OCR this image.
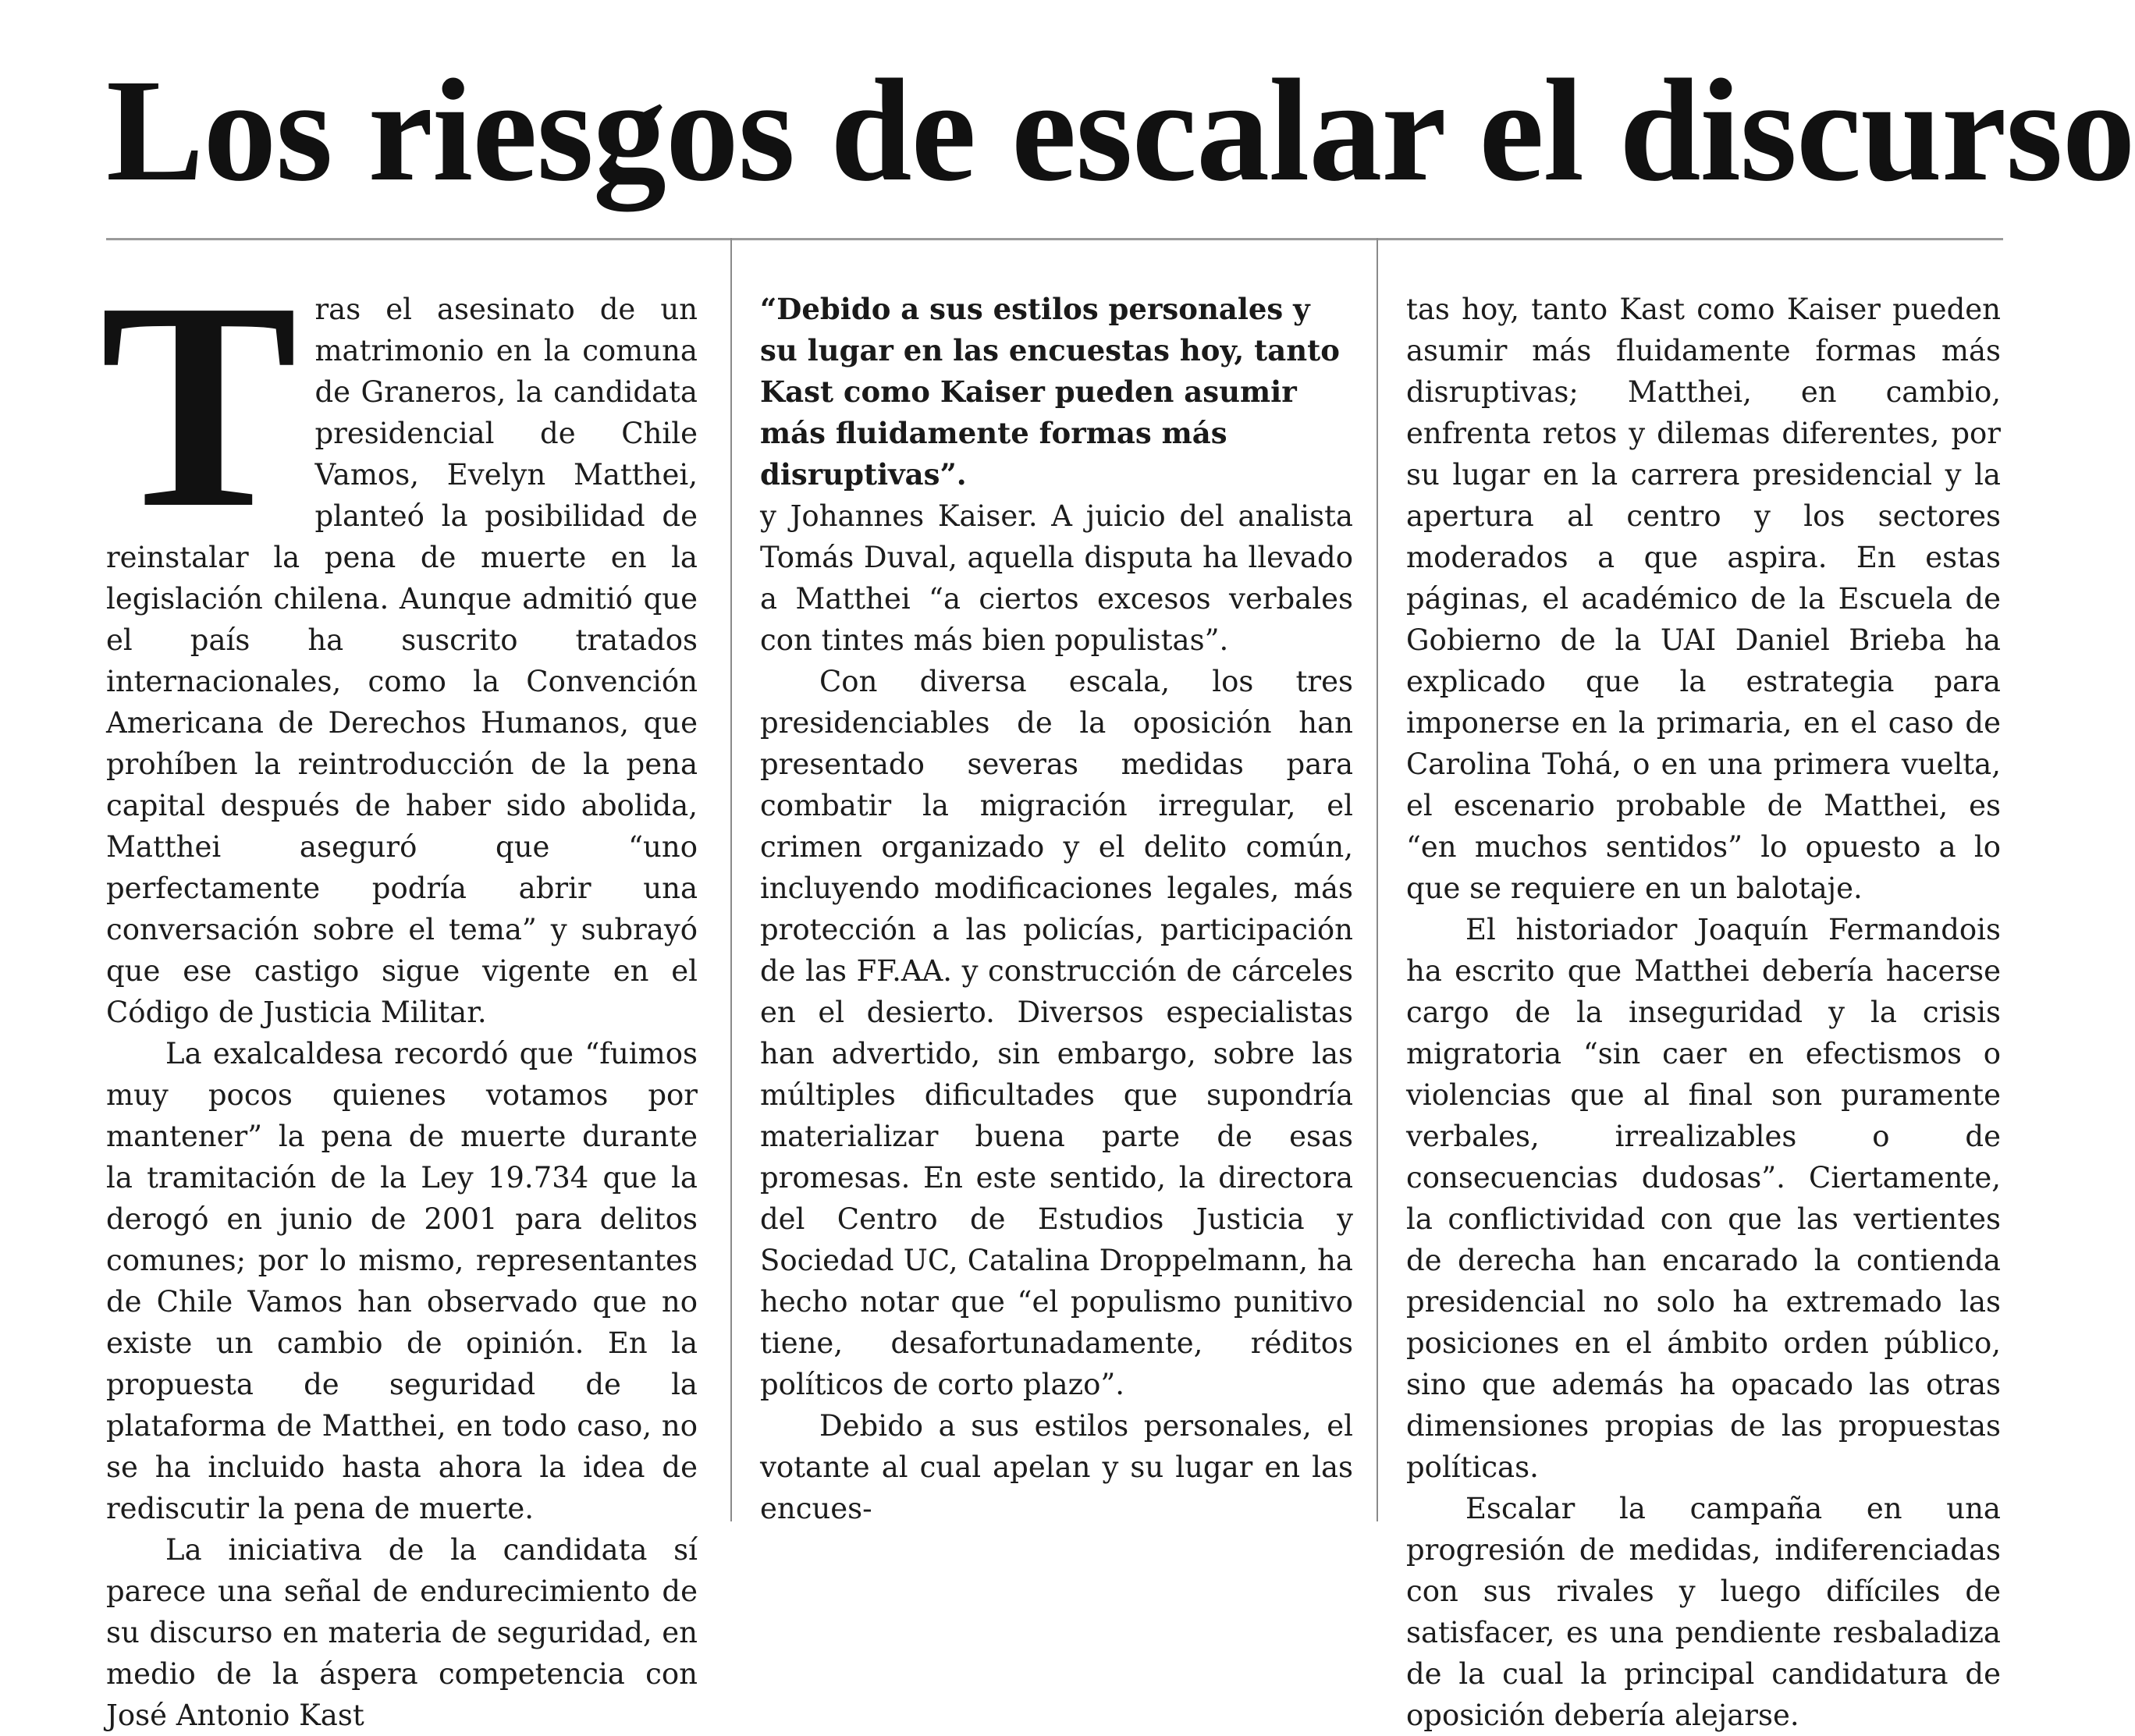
Los riesgos de escalar el discurso
T ras el asesinato de un matrimonio en la comuna de Graneros, la candidata presidencial de Chile Vamos, Evelyn Matthei, planteó la posibilidad de reinstalar la pena de muerte en la legislación chilena. Aunque admitió que el país ha suscrito tratados internacionales, como la Convención Americana de Derechos Humanos, que prohíben la reintroducción de la pena capital después de haber sido abolida, Matthei aseguró que “uno perfectamente podría abrir una conversación sobre el tema” y subrayó que ese castigo sigue vigente en el Código de Justicia Militar.

La exalcaldesa recordó que “fuimos muy pocos quienes votamos por mantener” la pena de muerte durante la tramitación de la Ley 19.734 que la derogó en junio de 2001 para delitos comunes; por lo mismo, representantes de Chile Vamos han observado que no existe un cambio de opinión. En la propuesta de seguridad de la plataforma de Matthei, en todo caso, no se ha incluido hasta ahora la idea de rediscutir la pena de muerte.

La iniciativa de la candidata sí parece una señal de endurecimiento de su discurso en materia de seguridad, en medio de la áspera competencia con José Antonio Kast

“Debido a sus estilos personales y su lugar en las encuestas hoy, tanto Kast como Kaiser pueden asumir más fluidamente formas más disruptivas”.

y Johannes Kaiser. A juicio del analista Tomás Duval, aquella disputa ha llevado a Matthei “a ciertos excesos verbales con tintes más bien populistas”.

Con diversa escala, los tres presidenciables de la oposición han presentado severas medidas para combatir la migración irregular, el crimen organizado y el delito común, incluyendo modificaciones legales, más protección a las policías, participación de las FF.AA. y construcción de cárceles en el desierto. Diversos especialistas han advertido, sin embargo, sobre las múltiples dificultades que supondría materializar buena parte de esas promesas. En este sentido, la directora del Centro de Estudios Justicia y Sociedad UC, Catalina Droppelmann, ha hecho notar que “el populismo punitivo tiene, desafortunadamente, réditos políticos de corto plazo”.

Debido a sus estilos personales, el votante al cual apelan y su lugar en las encues-

tas hoy, tanto Kast como Kaiser pueden asumir más fluidamente formas más disruptivas; Matthei, en cambio, enfrenta retos y dilemas diferentes, por su lugar en la carrera presidencial y la apertura al centro y los sectores moderados a que aspira. En estas páginas, el académico de la Escuela de Gobierno de la UAI Daniel Brieba ha explicado que la estrategia para imponerse en la primaria, en el caso de Carolina Tohá, o en una primera vuelta, el escenario probable de Matthei, es “en muchos sentidos” lo opuesto a lo que se requiere en un balotaje.

El historiador Joaquín Fermandois ha escrito que Matthei debería hacerse cargo de la inseguridad y la crisis migratoria “sin caer en efectismos o violencias que al final son puramente verbales, irrealizables o de consecuencias dudosas”. Ciertamente, la conflictividad con que las vertientes de derecha han encarado la contienda presidencial no solo ha extremado las posiciones en el ámbito orden público, sino que además ha opacado las otras dimensiones propias de las propuestas políticas.

Escalar la campaña en una progresión de medidas, indiferenciadas con sus rivales y luego difíciles de satisfacer, es una pendiente resbaladiza de la cual la principal candidatura de oposición debería alejarse.
